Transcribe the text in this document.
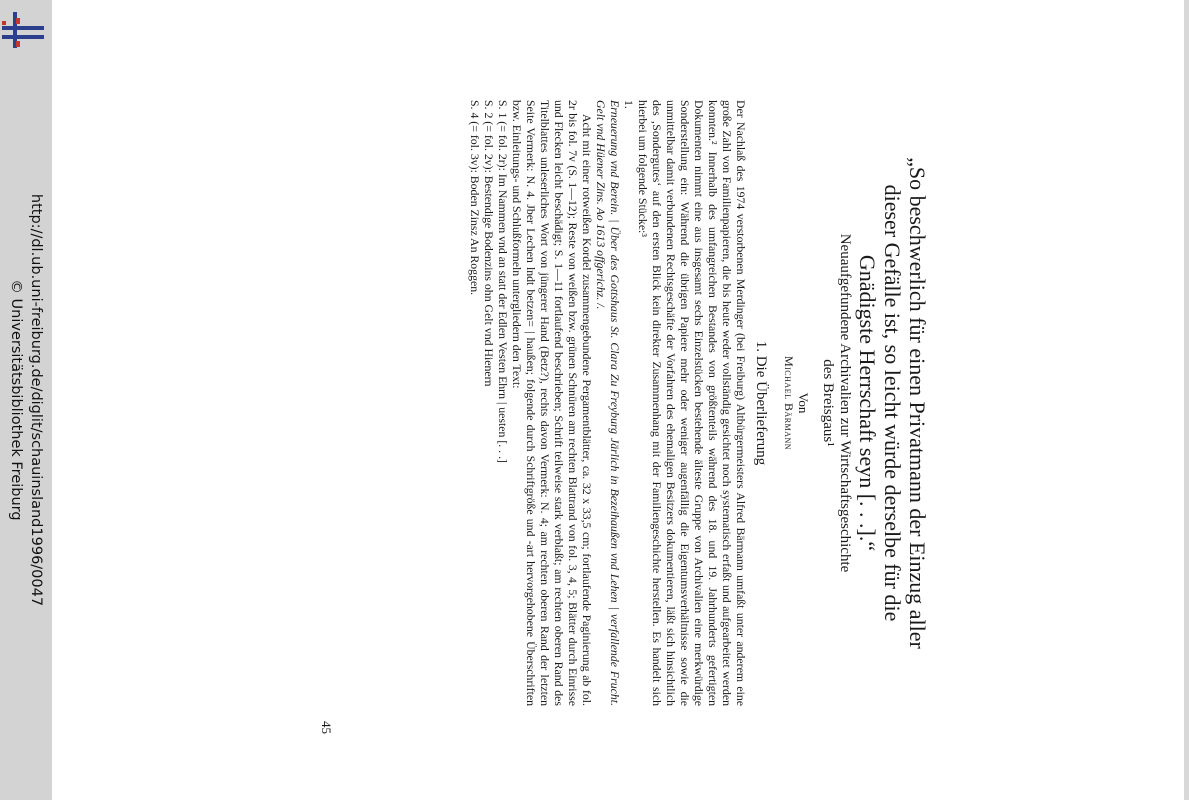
http://dl.ub.uni-freiburg.de/diglit/schauinsland1996/0047
© Universitätsbibliothek Freiburg	„So beschwerlich für einen Privatmann der Einzug aller
dieser Gefälle ist, so leicht würde derselbe für die
Gnädigste Herrschaft seyn [. . .].“

Neuaufgefundene Archivalien zur Wirtschaftsgeschichte
des Breisgaus¹

Von

Michael Bärmann

1. Die Überlieferung

Der Nachlaß des 1974 verstorbenen Merdinger (bei Freiburg) Altbürgermeisters Alfred Bärmann umfaßt unter anderem eine große Zahl von Familienpapieren, die bis heute weder vollständig gesichtet noch systematisch erfaßt und aufgearbeitet werden konnten.² Innerhalb des umfangreichen Bestandes von größtenteils während des 18. und 19. Jahrhunderts gefertigten Dokumenten nimmt eine aus insgesamt sechs Einzelstücken bestehende älteste Gruppe von Archivalien eine merkwürdige Sonderstellung ein: Während die übrigen Papiere mehr oder weniger augenfällig die Eigentumsverhältnisse sowie die unmittelbar damit verbundenen Rechtsgeschäfte der Vorfahren des ehemaligen Besitzers dokumentieren, läßt sich hinsichtlich des ‚Sondergutes‘ auf den ersten Blick kein direkter Zusammenhang mit der Familiengeschichte herstellen. Es handelt sich hierbei um folgende Stücke:³

1.

Erneuerung vnd Berein. | Über des Gottshaus St. Clara Zu Freyburg Järlich in Bezeihaußen vnd Lehen | verfallende Frucht. Gelt vnd Hüener Zins. Ao 1613 offgerichz. /.

Acht mit einer rotweißen Kordel zusammengebundene Pergamentblätter, ca. 32 x 33,5 cm; fortlaufende Paginierung ab fol. 2r bis fol. 7v (S. 1—12); Reste von weißen bzw. grünen Schnüren am rechten Blattrand von fol. 3, 4, 5; Blätter durch Einrisse und Flecken leicht beschädigt; S. 1—11 fortlaufend beschrieben; Schrift teilweise stark verblaßt; am rechten oberen Rand des Titelblattes unleserliches Wort von jüngerer Hand (Betz?), rechts davon Vermerk: N. 4; am rechten oberen Rand der letzten Seite Vermerk: N. 4. Jber Lechen lndt betzen= | haußen; folgende durch Schriftgröße und -art hervorgehobene Überschriften bzw. Einleitungs- und Schlußformeln untergliedern den Text:

S. 1 (= fol. 2r): Im Nammen vnd an statt der Edlen Vesten Ehrn | uesten [. . .]

S. 2 (= fol. 2v): Bestendige Bodenzins ohn Gelt vnd Hienern

S. 4 (= fol. 3v): Boden Zinsz An Roggen.

45
